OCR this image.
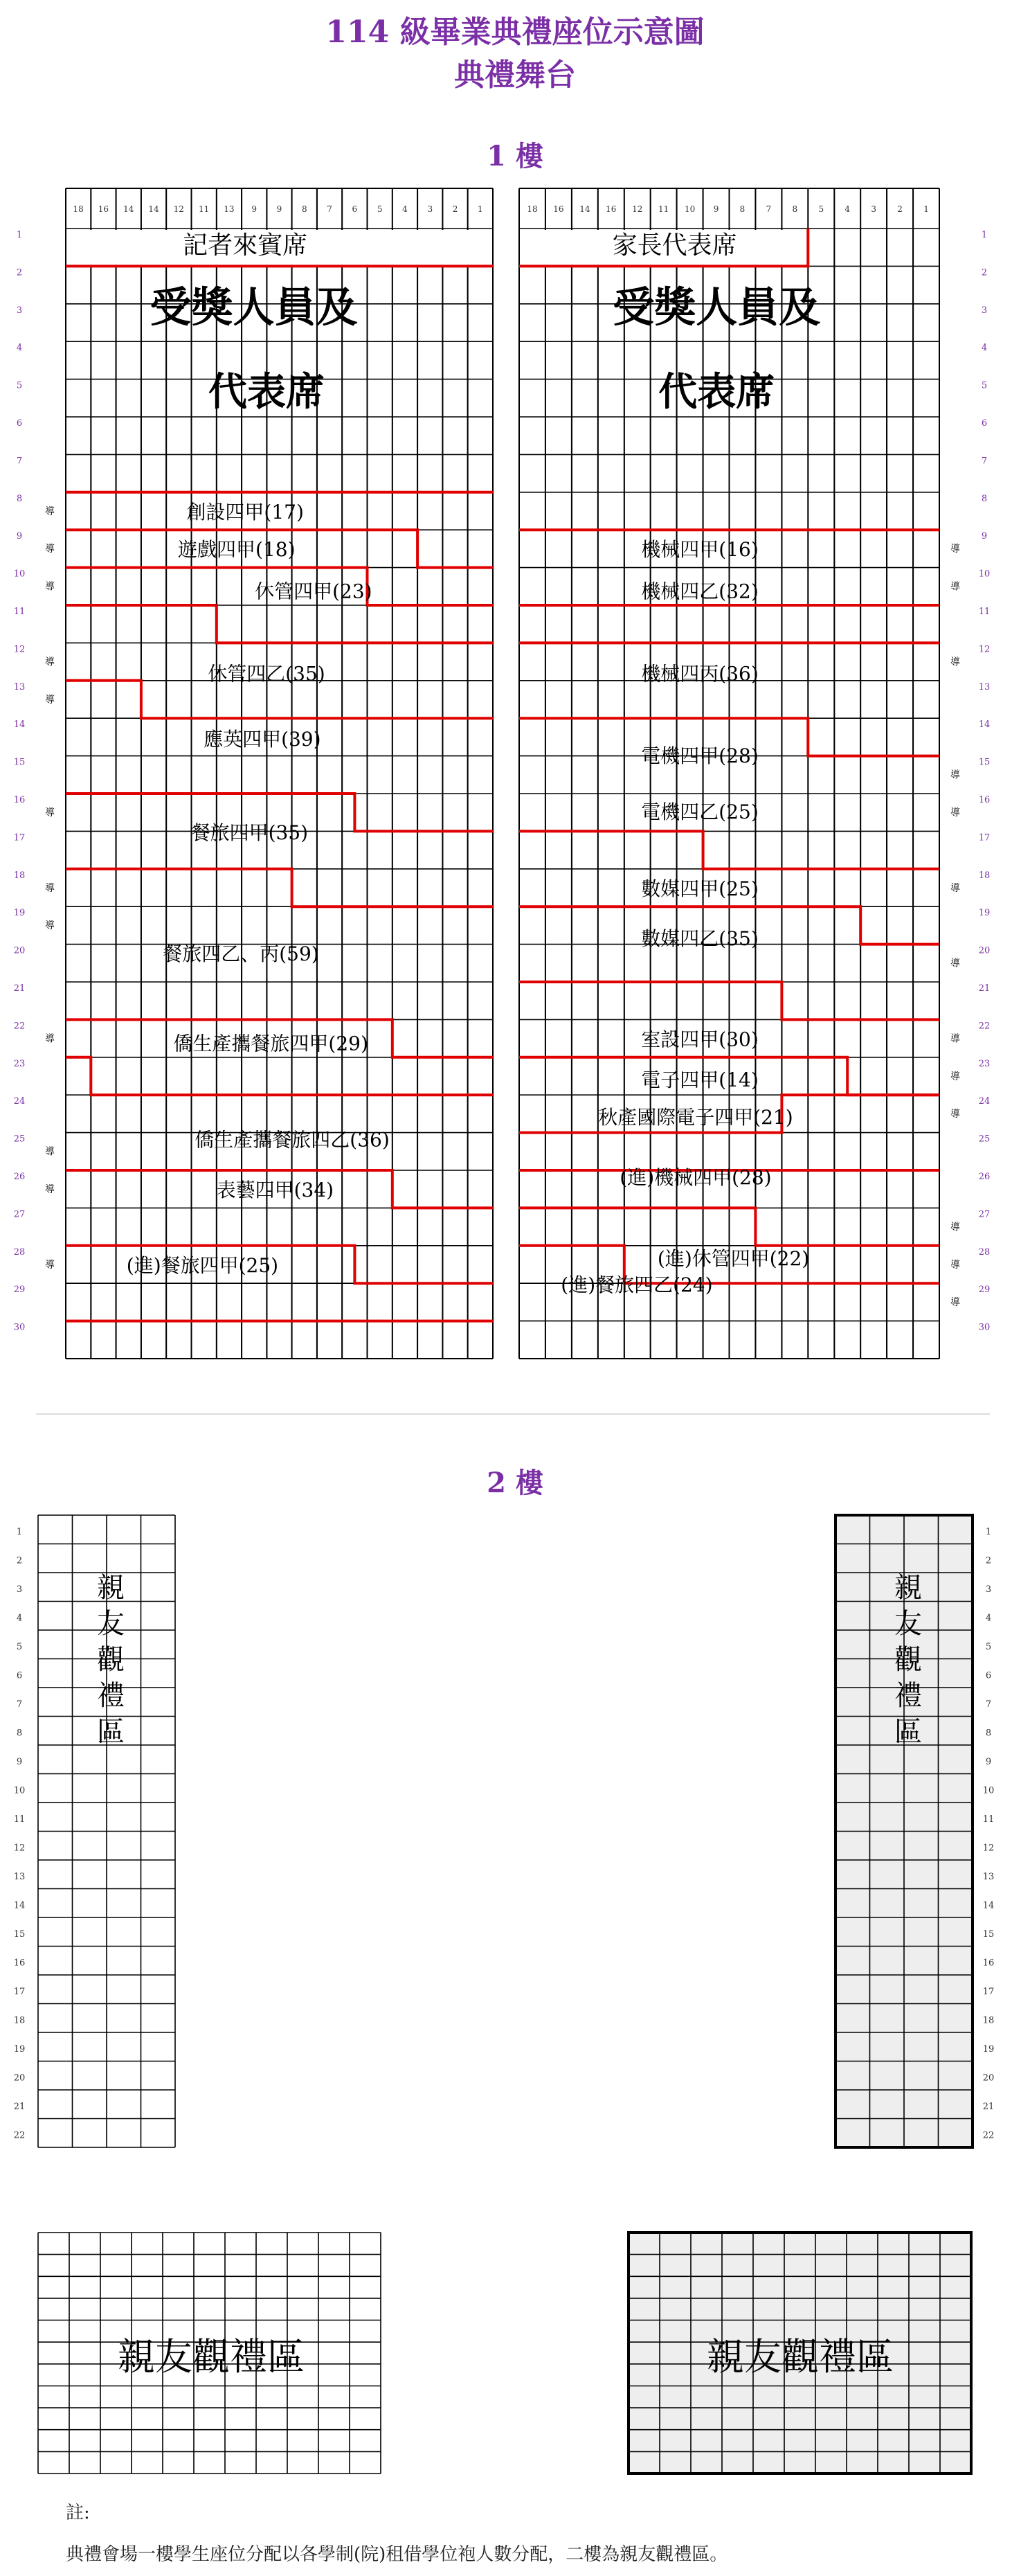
114 級畢業典禮座位示意圖
典禮舞台
1 樓
2 樓
18 16 14 14 12 11 13 9 9 8 7 6 5 4 3 2 1	18 16 14 16 12 11 10 9	8	7	8	5	4	3	2	1
1	1
2	2
3	3
4	4
5	5
6	6
7	7
8	8
9	9
10	10
11	11
12	12
13	13
14	14
15	15
16	16
17	17
18	18
19	19
20	20
21	21
22	22
23	23
24	24
25	25
26	26
27	27
28	28
29	29
30	30
記者來賓席	家長代表席
受獎人員及
代表席
受獎人員及
代表席
創設四甲(17)
遊戲四甲(18)
休管四甲(23)
休管四乙(35)
應英四甲(39)
餐旅四甲(35)
餐旅四乙、丙(59)
僑生產攜餐旅四甲(29)
僑生產攜餐旅四乙(36)
表藝四甲(34)
(進)餐旅四甲(25)
機械四甲(16)
機械四乙(32)
機械四丙(36)
電機四甲(28)
電機四乙(25)
數媒四甲(25)
數媒四乙(35)
室設四甲(30)
電子四甲(14)
秋產國際電子四甲(21)
(進)機械四甲(28)
(進)休管四甲(22)
(進)餐旅四乙(24)
導
導
導
導
導
導
導
導
導
導
導
導
導
導
導
導
導
導
導
導
導
導
導
導
導
1	1
2	2
3	3
4	4
5	5
6	6
7	7
8	8
9	9
10	10
11	11
12	12
13	13
14	14
15	15
16	16
17	17
18	18
19	19
20	20
21	21
22	22
親	親
友	友
觀	觀
禮	禮
區	區
親友觀禮區	親友觀禮區
註:
典禮會場一樓學生座位分配以各學制(院)租借學位袍人數分配，二樓為親友觀禮區。
